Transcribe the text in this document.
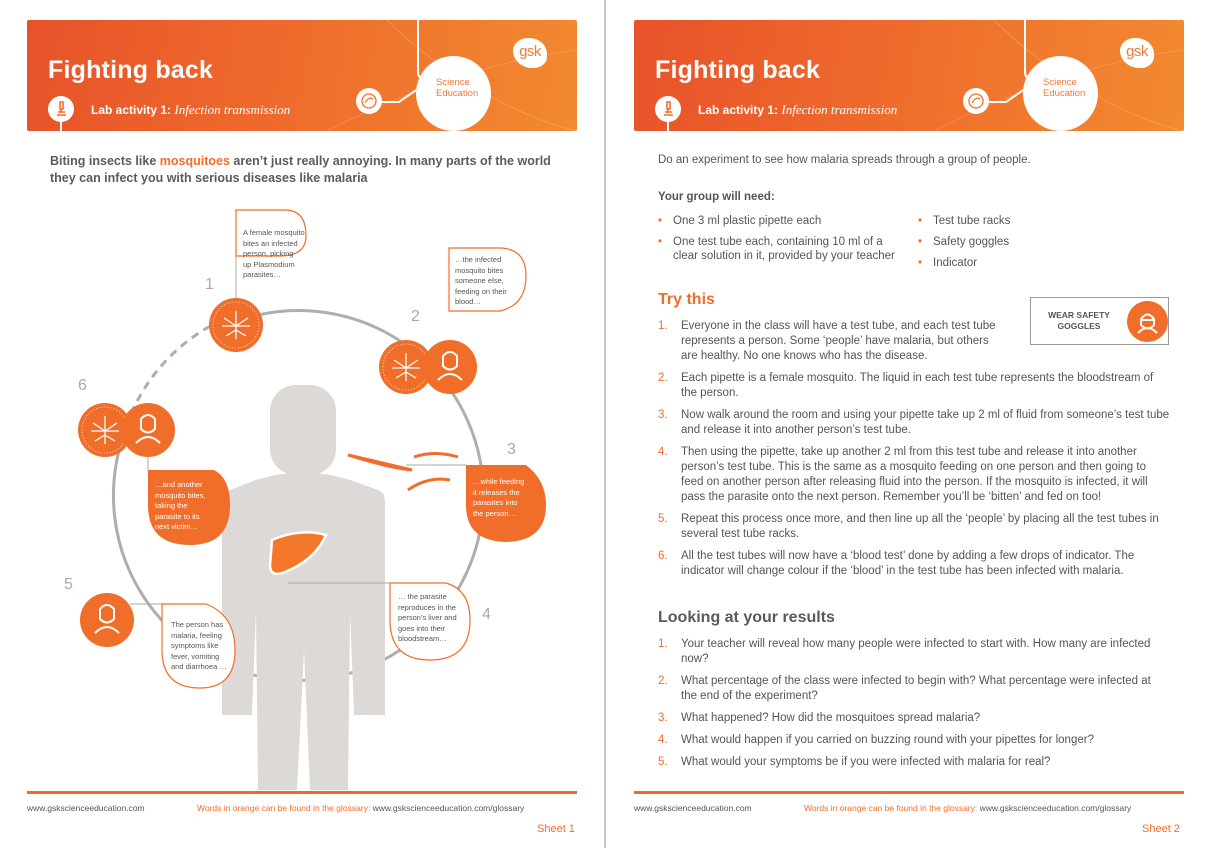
Fighting back
Lab activity 1: Infection transmission
Science
Education
gsk
Biting insects like mosquitoes aren’t just really annoying. In many parts of the world they can infect you with serious diseases like malaria
1
2
3
4
5
6
A female mosquito
bites an infected
person, picking
up Plasmodium
parasites…
…the infected
mosquito bites
someone else,
feeding on their
blood…
…while feeding
it releases the
parasites into
the person…
… the parasite
reproduces in the
person’s liver and
goes into their
bloodstream…
The person has
malaria, feeling
symptoms like
fever, vomiting
and diarrhoea …
…and another
mosquito bites,
taking the
parasite to its
next victim…
www.gskscienceeducation.com	Words in orange can be found in the glossary: www.gskscienceeducation.com/glossary
Sheet 1
Fighting back
Lab activity 1: Infection transmission
Science
Education
gsk
Do an experiment to see how malaria spreads through a group of people.
Your group will need:
• One 3 ml plastic pipette each
• One test tube each, containing 10 ml of a clear solution in it, provided by your teacher
• Test tube racks
• Safety goggles
• Indicator
Try this
WEAR SAFETY GOGGLES
1. Everyone in the class will have a test tube, and each test tube represents a person. Some ‘people’ have malaria, but others are healthy. No one knows who has the disease.
2. Each pipette is a female mosquito. The liquid in each test tube represents the bloodstream of the person.
3. Now walk around the room and using your pipette take up 2 ml of fluid from someone’s test tube and release it into another person’s test tube.
4. Then using the pipette, take up another 2 ml from this test tube and release it into another person’s test tube. This is the same as a mosquito feeding on one person and then going to feed on another person after releasing fluid into the person. If the mosquito is infected, it will pass the parasite onto the next person. Remember you’ll be ‘bitten’ and fed on too!
5. Repeat this process once more, and then line up all the ‘people’ by placing all the test tubes in several test tube racks.
6. All the test tubes will now have a ‘blood test’ done by adding a few drops of indicator. The indicator will change colour if the ‘blood’ in the test tube has been infected with malaria.
Looking at your results
1. Your teacher will reveal how many people were infected to start with. How many are infected now?
2. What percentage of the class were infected to begin with? What percentage were infected at the end of the experiment?
3. What happened? How did the mosquitoes spread malaria?
4. What would happen if you carried on buzzing round with your pipettes for longer?
5. What would your symptoms be if you were infected with malaria for real?
www.gskscienceeducation.com	Words in orange can be found in the glossary: www.gskscienceeducation.com/glossary
Sheet 2
